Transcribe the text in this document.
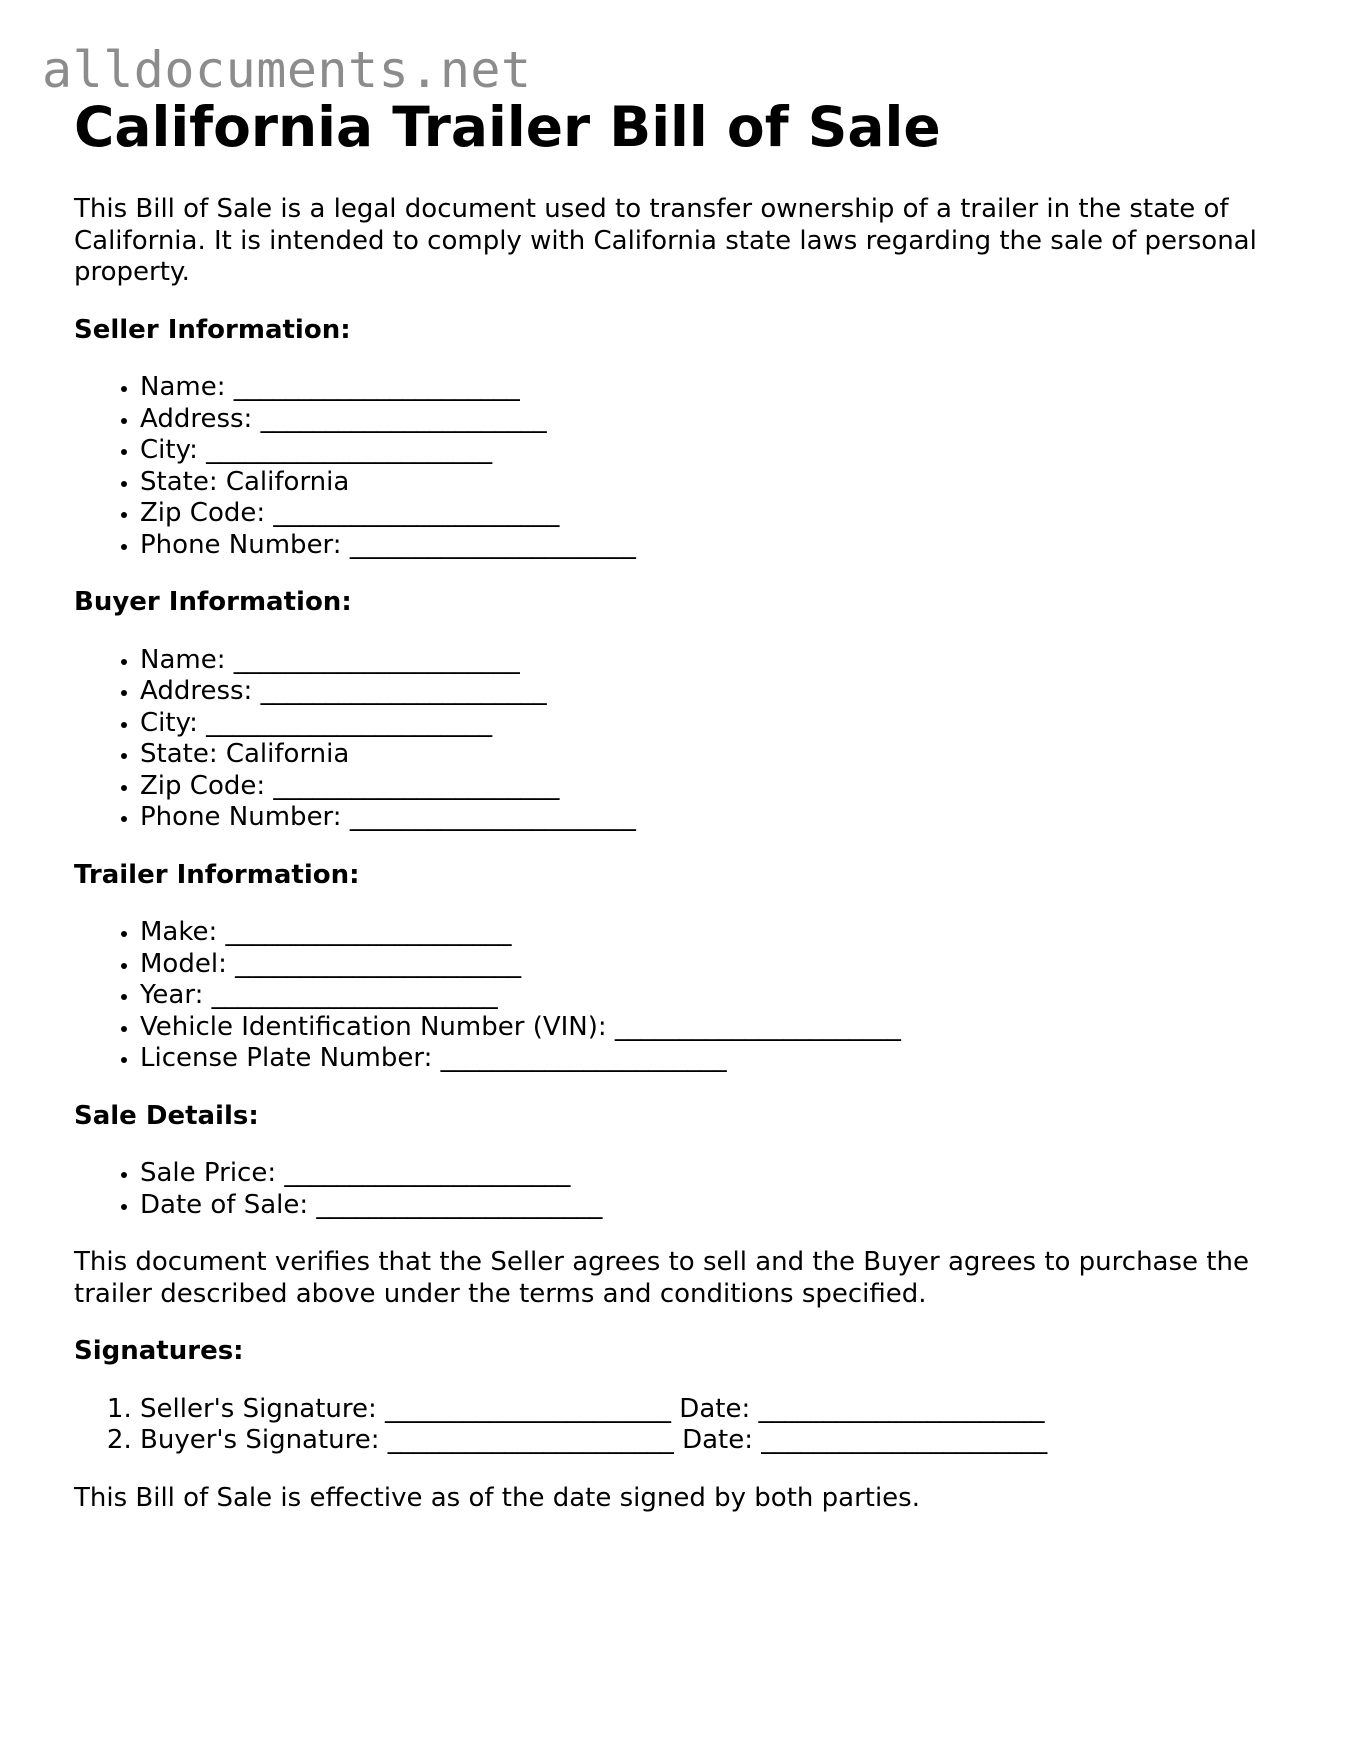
alldocuments.net
California Trailer Bill of Sale

This Bill of Sale is a legal document used to transfer ownership of a trailer in the state of California. It is intended to comply with California state laws regarding the sale of personal property.

Seller Information:
• Name: ______________________
• Address: ______________________
• City: ______________________
• State: California
• Zip Code: ______________________
• Phone Number: ______________________
Buyer Information:
• Name: ______________________
• Address: ______________________
• City: ______________________
• State: California
• Zip Code: ______________________
• Phone Number: ______________________
Trailer Information:
• Make: ______________________
• Model: ______________________
• Year: ______________________
• Vehicle Identification Number (VIN): ______________________
• License Plate Number: ______________________
Sale Details:
• Sale Price: ______________________
• Date of Sale: ______________________

This document verifies that the Seller agrees to sell and the Buyer agrees to purchase the trailer described above under the terms and conditions specified.

Signatures:
1. Seller's Signature: ______________________ Date: ______________________
2. Buyer's Signature: ______________________ Date: ______________________

This Bill of Sale is effective as of the date signed by both parties.
